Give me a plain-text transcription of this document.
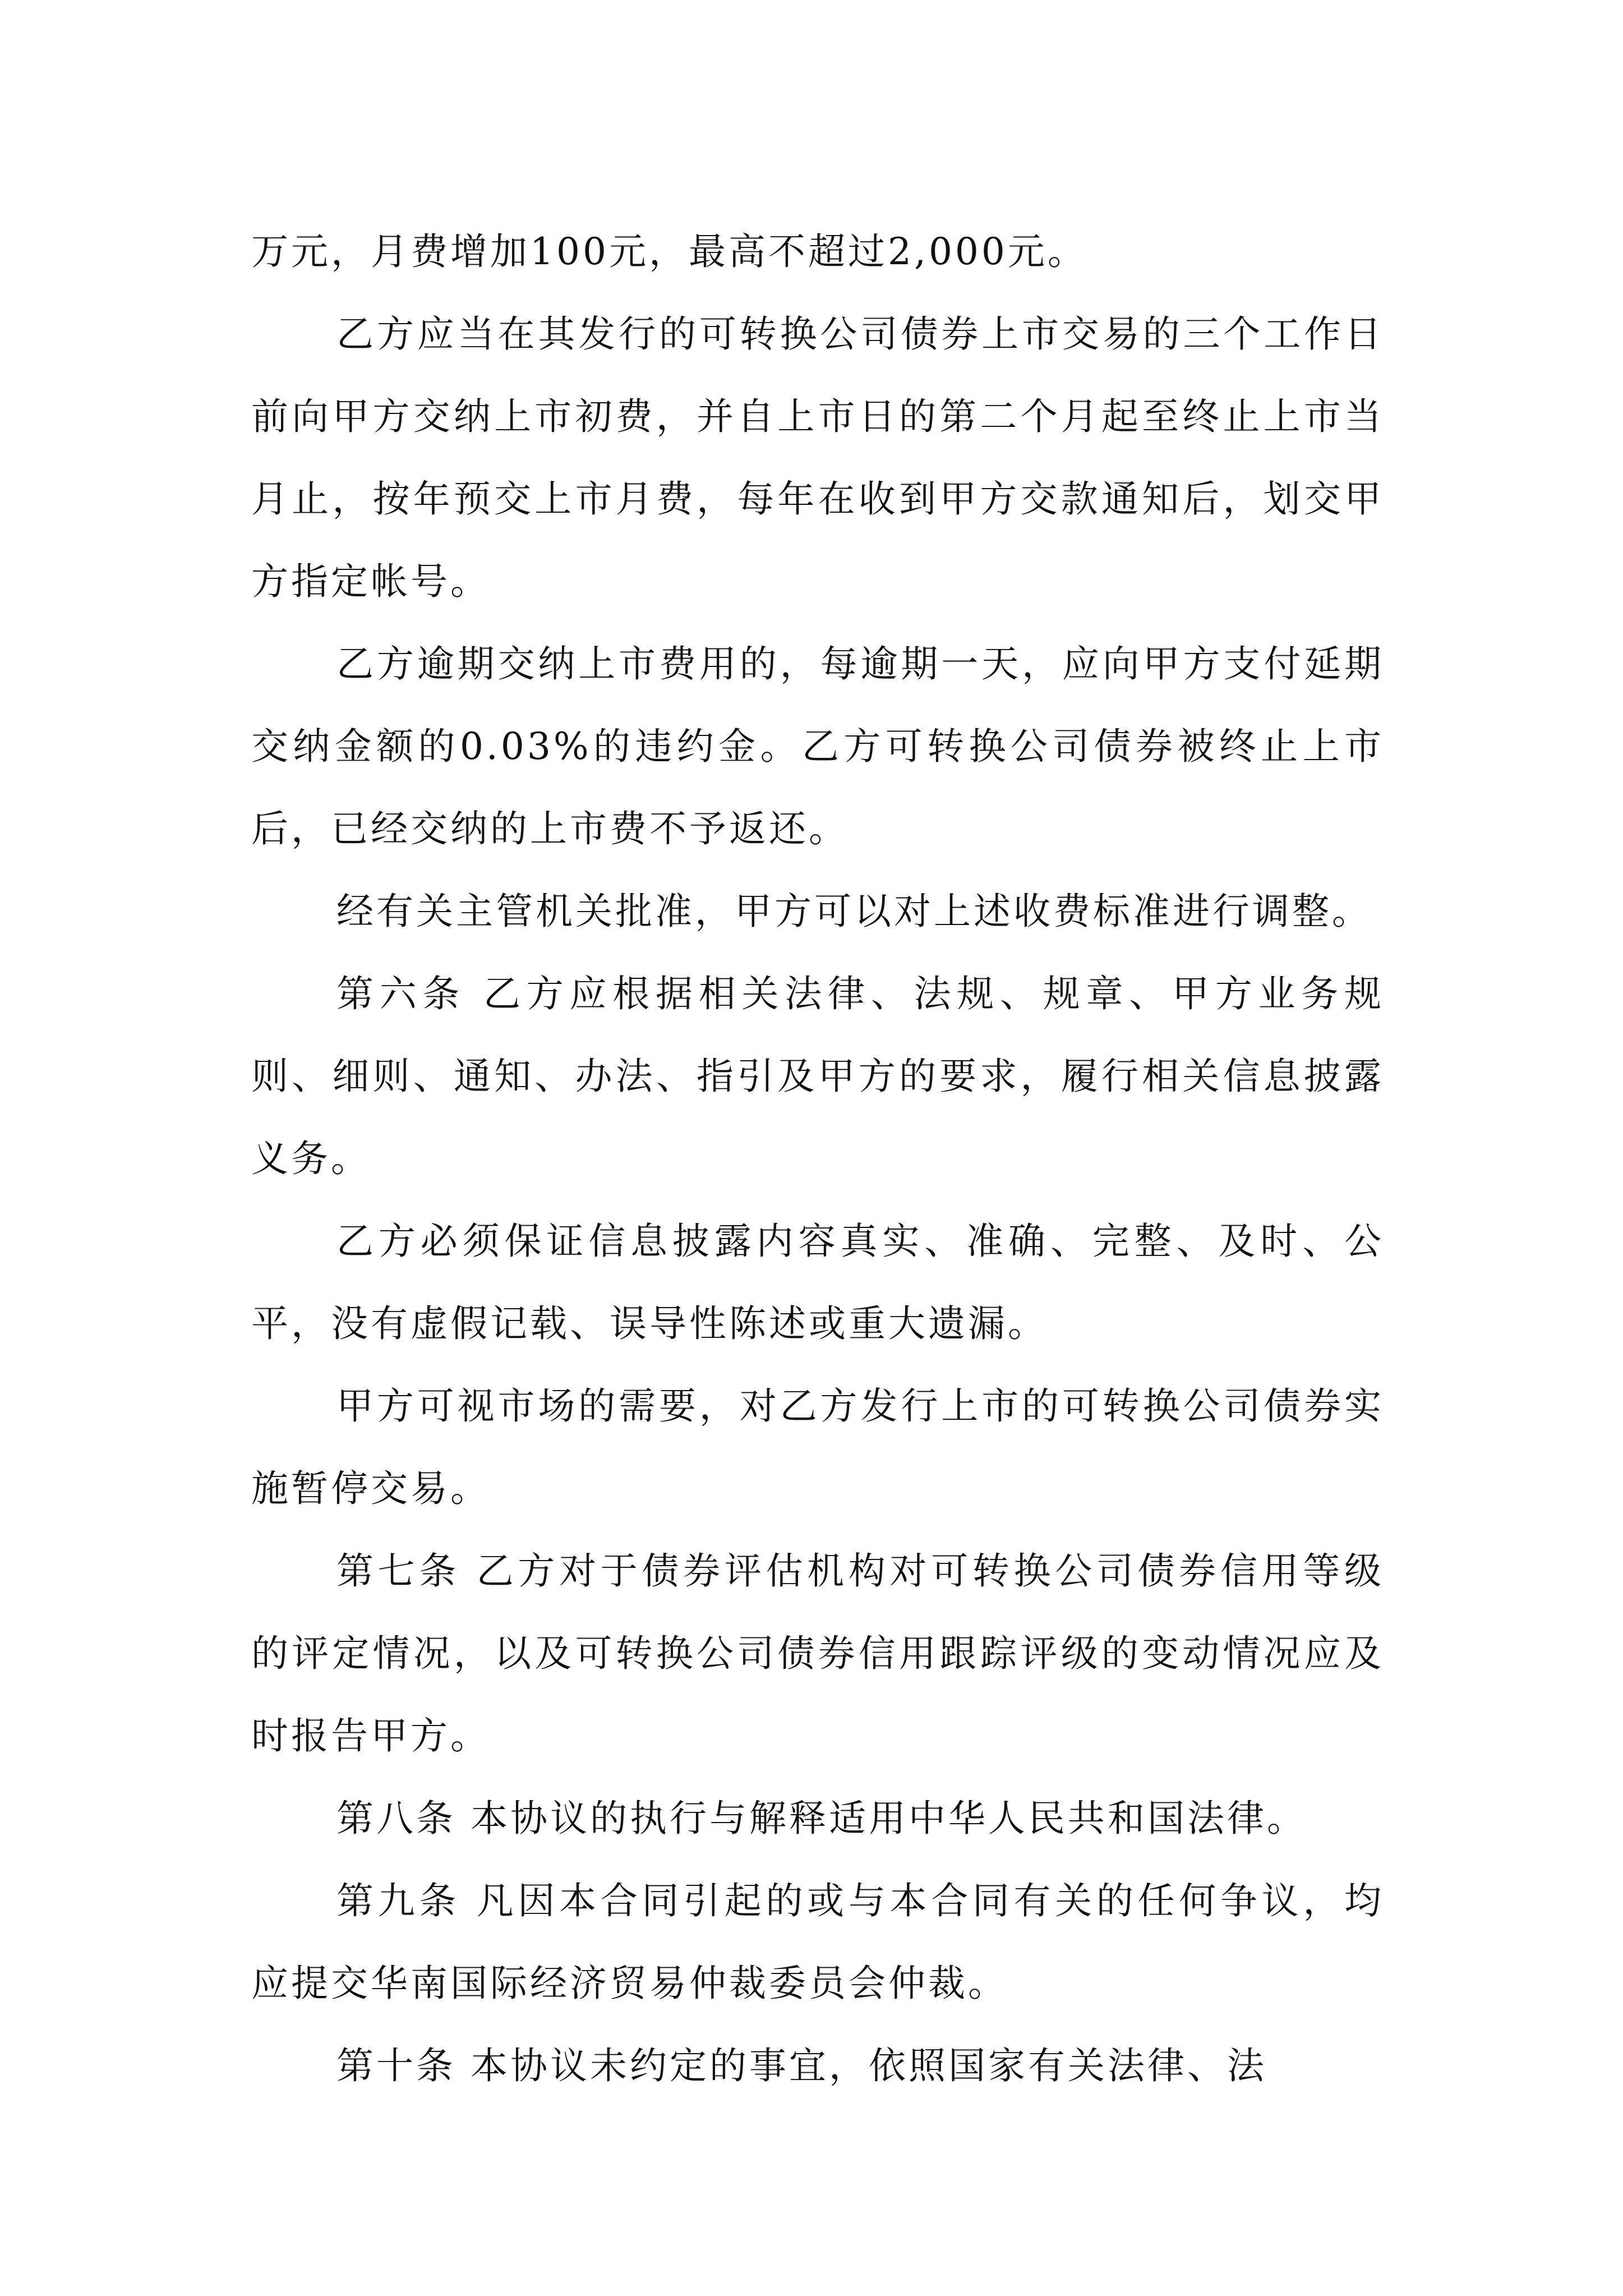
万元，月费增加100元，最高不超过2,000元。

乙方应当在其发行的可转换公司债券上市交易的三个工作日前向甲方交纳上市初费，并自上市日的第二个月起至终止上市当月止，按年预交上市月费，每年在收到甲方交款通知后，划交甲方指定帐号。

乙方逾期交纳上市费用的，每逾期一天，应向甲方支付延期交纳金额的0.03%的违约金。乙方可转换公司债券被终止上市后，已经交纳的上市费不予返还。

经有关主管机关批准，甲方可以对上述收费标准进行调整。

第六条 乙方应根据相关法律、法规、规章、甲方业务规则、细则、通知、办法、指引及甲方的要求，履行相关信息披露义务。

乙方必须保证信息披露内容真实、准确、完整、及时、公平，没有虚假记载、误导性陈述或重大遗漏。

甲方可视市场的需要，对乙方发行上市的可转换公司债券实施暂停交易。

第七条 乙方对于债券评估机构对可转换公司债券信用等级的评定情况，以及可转换公司债券信用跟踪评级的变动情况应及时报告甲方。

第八条 本协议的执行与解释适用中华人民共和国法律。

第九条 凡因本合同引起的或与本合同有关的任何争议，均应提交华南国际经济贸易仲裁委员会仲裁。

第十条 本协议未约定的事宜，依照国家有关法律、法
